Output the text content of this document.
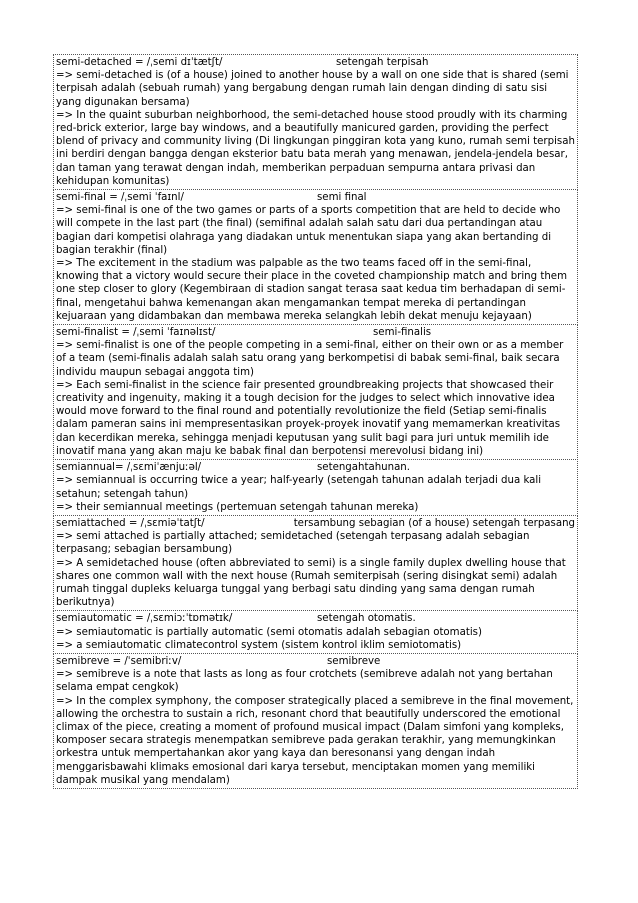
semi-detached = /ˌsemi dɪˈtætʃt/	setengah terpisah

=> semi-detached is (of a house) joined to another house by a wall on one side that is shared (semi terpisah adalah (sebuah rumah) yang bergabung dengan rumah lain dengan dinding di satu sisi yang digunakan bersama)

=> In the quaint suburban neighborhood, the semi-detached house stood proudly with its charming red-brick exterior, large bay windows, and a beautifully manicured garden, providing the perfect blend of privacy and community living (Di lingkungan pinggiran kota yang kuno, rumah semi terpisah ini berdiri dengan bangga dengan eksterior batu bata merah yang menawan, jendela-jendela besar, dan taman yang terawat dengan indah, memberikan perpaduan sempurna antara privasi dan kehidupan komunitas)

semi-final = /ˌsemi ˈfaɪnl/	semi final

=> semi-final is one of the two games or parts of a sports competition that are held to decide who will compete in the last part (the final) (semifinal adalah salah satu dari dua pertandingan atau bagian dari kompetisi olahraga yang diadakan untuk menentukan siapa yang akan bertanding di bagian terakhir (final)

=> The excitement in the stadium was palpable as the two teams faced off in the semi-final, knowing that a victory would secure their place in the coveted championship match and bring them one step closer to glory (Kegembiraan di stadion sangat terasa saat kedua tim berhadapan di semi-final, mengetahui bahwa kemenangan akan mengamankan tempat mereka di pertandingan kejuaraan yang didambakan dan membawa mereka selangkah lebih dekat menuju kejayaan)

semi-finalist = /ˌsemi ˈfaɪnəlɪst/	semi-finalis

=> semi-finalist is one of the people competing in a semi-final, either on their own or as a member of a team (semi-finalis adalah salah satu orang yang berkompetisi di babak semi-final, baik secara individu maupun sebagai anggota tim)

=> Each semi-finalist in the science fair presented groundbreaking projects that showcased their creativity and ingenuity, making it a tough decision for the judges to select which innovative idea would move forward to the final round and potentially revolutionize the field (Setiap semi-finalis dalam pameran sains ini mempresentasikan proyek-proyek inovatif yang memamerkan kreativitas dan kecerdikan mereka, sehingga menjadi keputusan yang sulit bagi para juri untuk memilih ide inovatif mana yang akan maju ke babak final dan berpotensi merevolusi bidang ini)

semiannual= /ˌsɛmiˈænjuːəl/	setengahtahunan.

=> semiannual is occurring twice a year; half-yearly (setengah tahunan adalah terjadi dua kali setahun; setengah tahun)

=> their semiannual meetings (pertemuan setengah tahunan mereka)

semiattached = /ˌsɛmiəˈtatʃt/	tersambung sebagian (of a house) setengah terpasang

=> semi attached is partially attached; semidetached (setengah terpasang adalah sebagian terpasang; sebagian bersambung)

=> A semidetached house (often abbreviated to semi) is a single family duplex dwelling house that shares one common wall with the next house (Rumah semiterpisah (sering disingkat semi) adalah rumah tinggal dupleks keluarga tunggal yang berbagi satu dinding yang sama dengan rumah berikutnya)

semiautomatic = /ˌsɛmiɔːˈtɒmətɪk/	setengah otomatis.

=> semiautomatic is partially automatic (semi otomatis adalah sebagian otomatis)

=> a semiautomatic climatecontrol system (sistem kontrol iklim semiotomatis)

semibreve = /ˈsemibriːv/	semibreve

=> semibreve is a note that lasts as long as four crotchets (semibreve adalah not yang bertahan selama empat cengkok)

=> In the complex symphony, the composer strategically placed a semibreve in the final movement, allowing the orchestra to sustain a rich, resonant chord that beautifully underscored the emotional climax of the piece, creating a moment of profound musical impact (Dalam simfoni yang kompleks, komposer secara strategis menempatkan semibreve pada gerakan terakhir, yang memungkinkan orkestra untuk mempertahankan akor yang kaya dan beresonansi yang dengan indah menggarisbawahi klimaks emosional dari karya tersebut, menciptakan momen yang memiliki dampak musikal yang mendalam)
